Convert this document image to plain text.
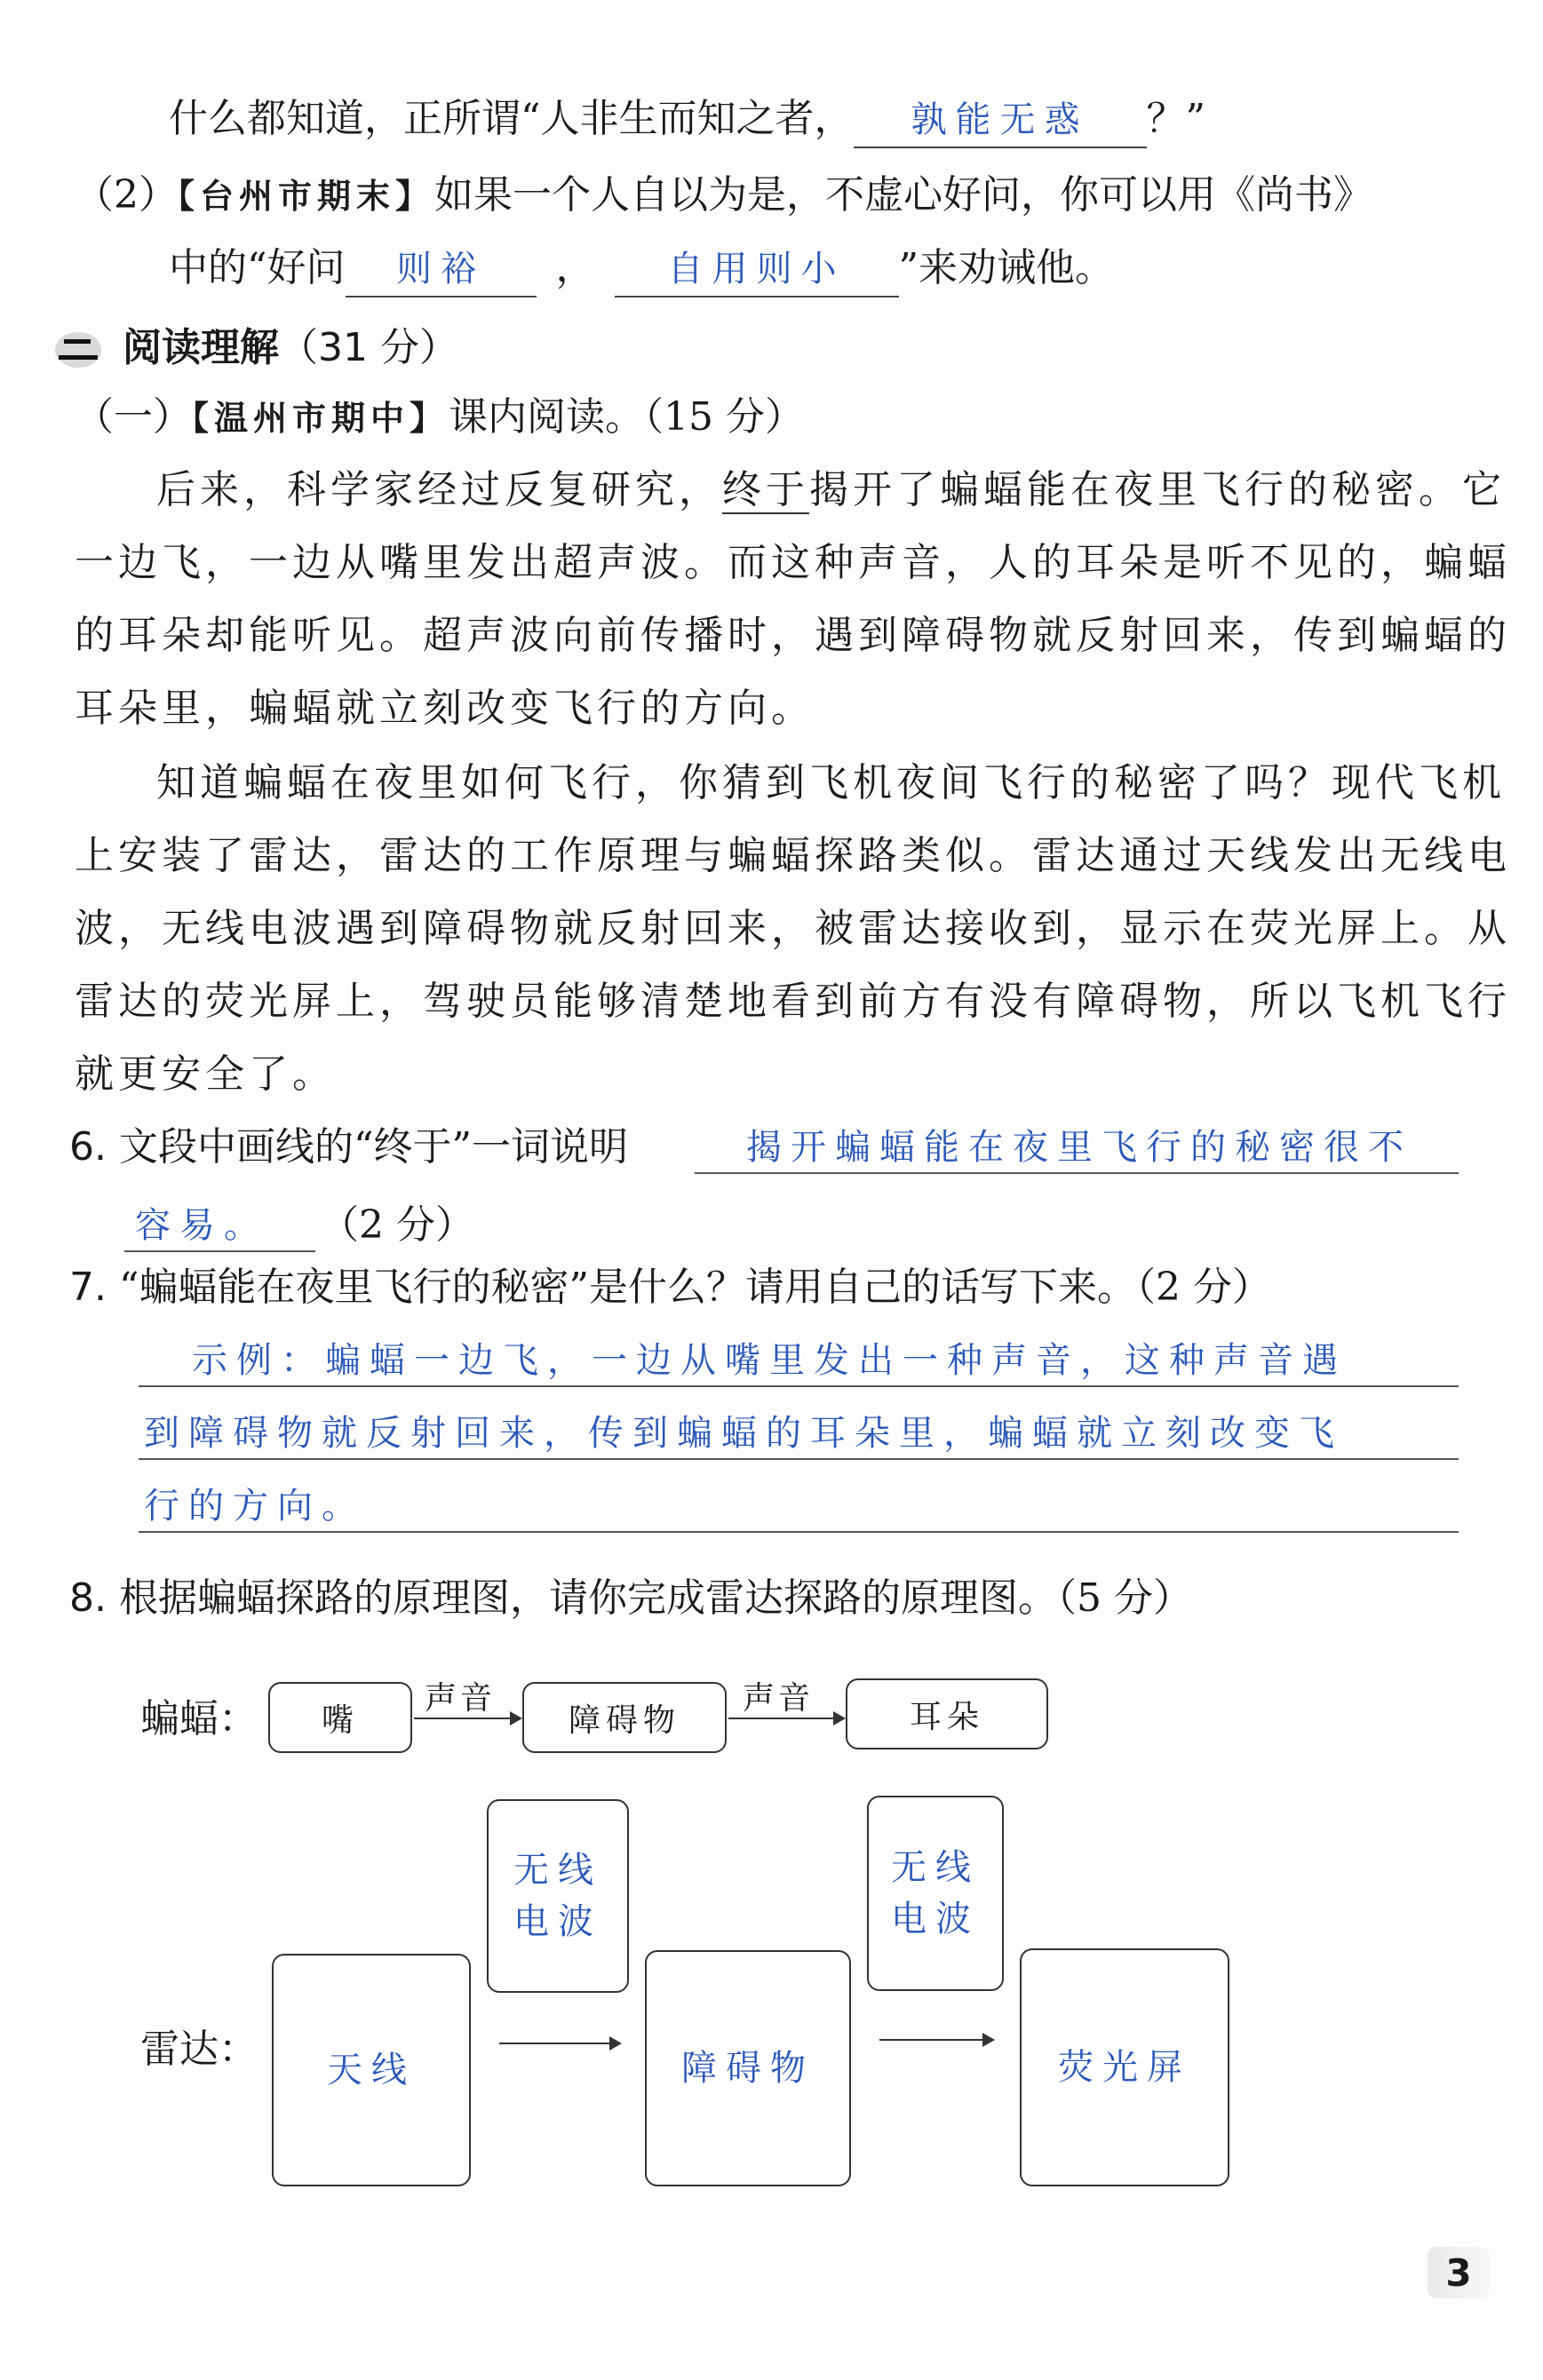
什么都知道，正所谓“人非生而知之者， 孰能无惑 ？”
（2）【台州市期末】如果一个人自以为是，不虚心好问，你可以用《尚书》
中的“好问 则裕 ， 自用则小 ”来劝诫他。
阅读理解（31 分）
（一）【温州市期中】课内阅读。（15 分）
后来，科学家经过反复研究，终于揭开了蝙蝠能在夜里飞行的秘密。它
一边飞，一边从嘴里发出超声波。而这种声音，人的耳朵是听不见的，蝙蝠
的耳朵却能听见。超声波向前传播时，遇到障碍物就反射回来，传到蝙蝠的
耳朵里，蝙蝠就立刻改变飞行的方向。
知道蝙蝠在夜里如何飞行，你猜到飞机夜间飞行的秘密了吗？现代飞机
上安装了雷达，雷达的工作原理与蝙蝠探路类似。雷达通过天线发出无线电
波，无线电波遇到障碍物就反射回来，被雷达接收到，显示在荧光屏上。从
雷达的荧光屏上，驾驶员能够清楚地看到前方有没有障碍物，所以飞机飞行
就更安全了。
6. 文段中画线的“终于”一词说明	揭开蝙蝠能在夜里飞行的秘密很不
容易。 （2 分）
7. “蝙蝠能在夜里飞行的秘密”是什么？请用自己的话写下来。（2 分）
示例：蝙蝠一边飞，一边从嘴里发出一种声音，这种声音遇
到障碍物就反射回来，传到蝙蝠的耳朵里，蝙蝠就立刻改变飞
行的方向。
8. 根据蝙蝠探路的原理图，请你完成雷达探路的原理图。（5 分）
蝙蝠： 嘴
声音
障碍物
声音	耳朵
雷达： 天线
无线
电波
障碍物
无线
电波
荧光屏
3
